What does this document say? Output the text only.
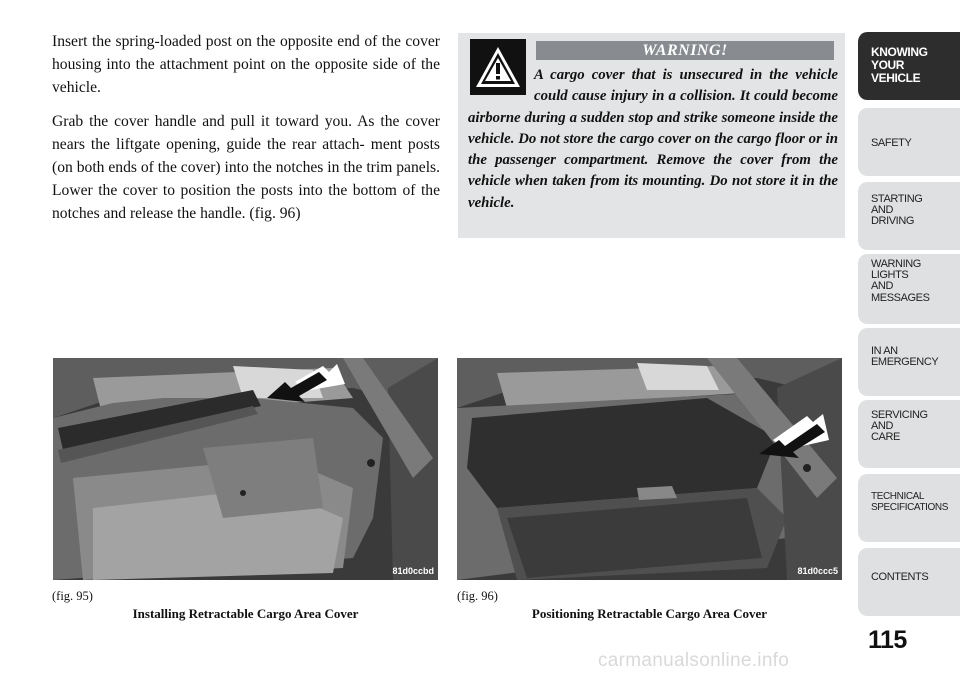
Insert the spring-loaded post on the opposite end of the cover housing into the attachment point on the opposite side of the vehicle.

Grab the cover handle and pull it toward you. As the cover nears the liftgate opening, guide the rear attach- ment posts (on both ends of the cover) into the notches in the trim panels. Lower the cover to position the posts into the bottom of the notches and release the handle. (fig. 96)

WARNING!
A cargo cover that is unsecured in the vehicle could cause injury in a collision. It could become airborne during a sudden stop and strike someone inside the vehicle. Do not store the cargo cover on the cargo floor or in the passenger compartment. Remove the cover from the vehicle when taken from its mounting. Do not store it in the vehicle.
81d0ccbd	81d0ccc5
(fig. 95)
Installing Retractable Cargo Area Cover
(fig. 96)
Positioning Retractable Cargo Area Cover
KNOWING YOUR VEHICLE
SAFETY
STARTING AND DRIVING
WARNING LIGHTS AND MESSAGES
IN AN EMERGENCY
SERVICING AND CARE
TECHNICAL SPECIFICATIONS
CONTENTS
115
carmanualsonline.info
